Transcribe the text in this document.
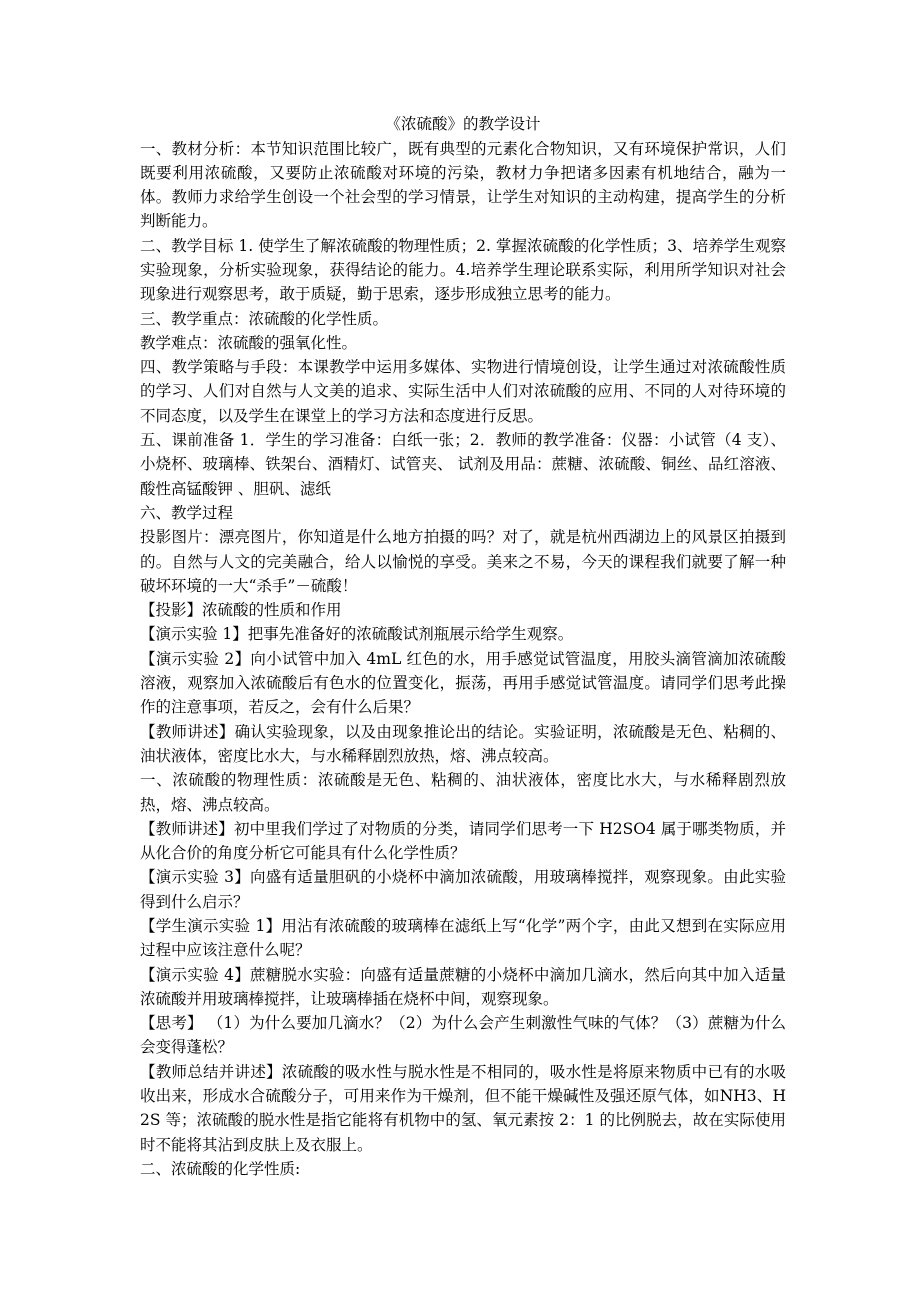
《浓硫酸》的教学设计

一、教材分析：本节知识范围比较广，既有典型的元素化合物知识，又有环境保护常识，人们既要利用浓硫酸，又要防止浓硫酸对环境的污染，教材力争把诸多因素有机地结合，融为一体。教师力求给学生创设一个社会型的学习情景，让学生对知识的主动构建，提高学生的分析判断能力。

二、教学目标 1. 使学生了解浓硫酸的物理性质；2. 掌握浓硫酸的化学性质；3、培养学生观察实验现象，分析实验现象，获得结论的能力。4.培养学生理论联系实际，利用所学知识对社会现象进行观察思考，敢于质疑，勤于思索，逐步形成独立思考的能力。

三、教学重点：浓硫酸的化学性质。

教学难点：浓硫酸的强氧化性。

四、教学策略与手段：本课教学中运用多媒体、实物进行情境创设，让学生通过对浓硫酸性质的学习、人们对自然与人文美的追求、实际生活中人们对浓硫酸的应用、不同的人对待环境的不同态度，以及学生在课堂上的学习方法和态度进行反思。

五、课前准备 1．学生的学习准备：白纸一张；2．教师的教学准备：仪器：小试管（4 支）、小烧杯、玻璃棒、铁架台、酒精灯、试管夹、 试剂及用品：蔗糖、浓硫酸、铜丝、品红溶液、酸性高锰酸钾 、胆矾、滤纸

六、教学过程

投影图片：漂亮图片，你知道是什么地方拍摄的吗？对了，就是杭州西湖边上的风景区拍摄到的。自然与人文的完美融合，给人以愉悦的享受。美来之不易，今天的课程我们就要了解一种破坏环境的一大“杀手”－硫酸！

【投影】浓硫酸的性质和作用

【演示实验 1】把事先准备好的浓硫酸试剂瓶展示给学生观察。

【演示实验 2】向小试管中加入 4mL 红色的水，用手感觉试管温度，用胶头滴管滴加浓硫酸溶液，观察加入浓硫酸后有色水的位置变化，振荡，再用手感觉试管温度。请同学们思考此操作的注意事项，若反之，会有什么后果？

【教师讲述】确认实验现象，以及由现象推论出的结论。实验证明，浓硫酸是无色、粘稠的、油状液体，密度比水大，与水稀释剧烈放热，熔、沸点较高。

一、浓硫酸的物理性质：浓硫酸是无色、粘稠的、油状液体，密度比水大，与水稀释剧烈放热，熔、沸点较高。

【教师讲述】初中里我们学过了对物质的分类，请同学们思考一下 H2SO4 属于哪类物质，并从化合价的角度分析它可能具有什么化学性质？

【演示实验 3】向盛有适量胆矾的小烧杯中滴加浓硫酸，用玻璃棒搅拌，观察现象。由此实验得到什么启示？

【学生演示实验 1】用沾有浓硫酸的玻璃棒在滤纸上写“化学”两个字，由此又想到在实际应用过程中应该注意什么呢？

【演示实验 4】蔗糖脱水实验：向盛有适量蔗糖的小烧杯中滴加几滴水，然后向其中加入适量浓硫酸并用玻璃棒搅拌，让玻璃棒插在烧杯中间，观察现象。

【思考】 （1）为什么要加几滴水？（2）为什么会产生刺激性气味的气体？（3）蔗糖为什么会变得蓬松？

【教师总结并讲述】浓硫酸的吸水性与脱水性是不相同的，吸水性是将原来物质中已有的水吸收出来，形成水合硫酸分子，可用来作为干燥剂，但不能干燥碱性及强还原气体，如NH3、H2S 等；浓硫酸的脱水性是指它能将有机物中的氢、氧元素按 2：1 的比例脱去，故在实际使用时不能将其沾到皮肤上及衣服上。

二、浓硫酸的化学性质:
